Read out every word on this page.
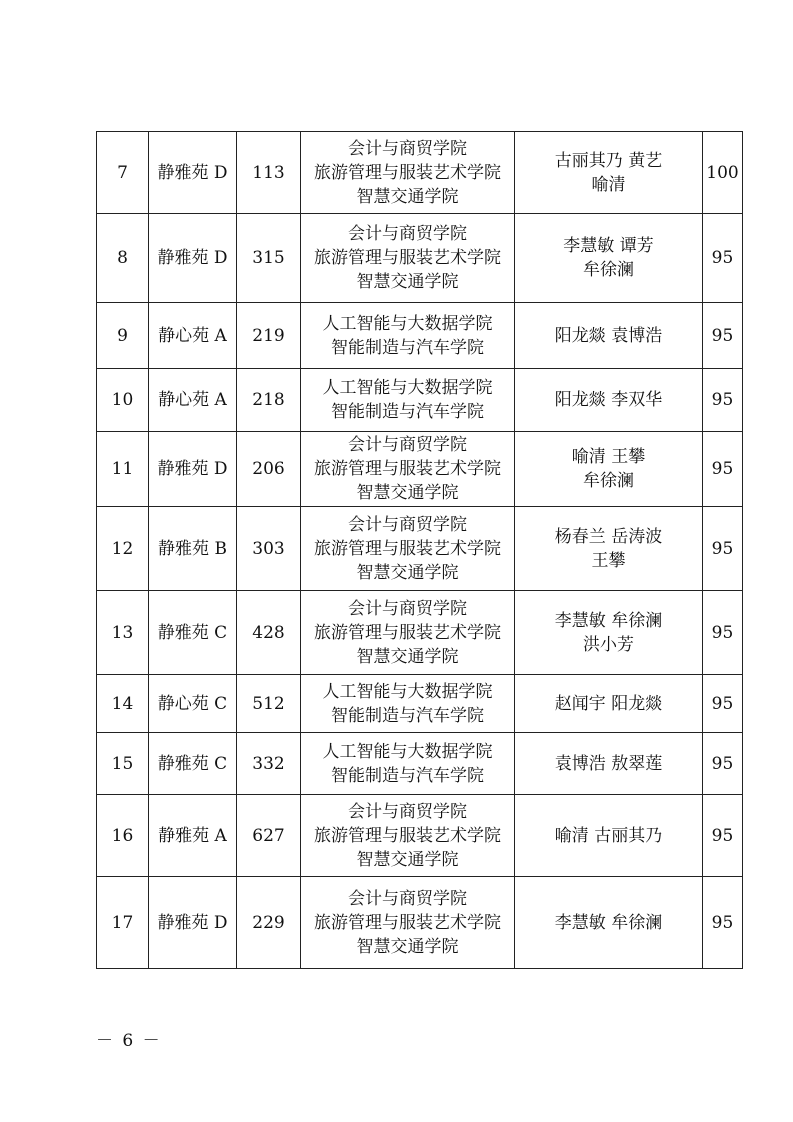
7	静雅苑 D	113	会计与商贸学院
旅游管理与服装艺术学院
智慧交通学院	古丽其乃 黄艺
喻清	100
8	静雅苑 D	315	会计与商贸学院
旅游管理与服装艺术学院
智慧交通学院	李慧敏 谭芳
牟徐澜	95
9	静心苑 A	219	人工智能与大数据学院
智能制造与汽车学院	阳龙燚 袁博浩	95
10	静心苑 A	218	人工智能与大数据学院
智能制造与汽车学院	阳龙燚 李双华	95
11	静雅苑 D	206	会计与商贸学院
旅游管理与服装艺术学院
智慧交通学院	喻清 王攀
牟徐澜	95
12	静雅苑 B	303	会计与商贸学院
旅游管理与服装艺术学院
智慧交通学院	杨春兰 岳涛波
王攀	95
13	静雅苑 C	428	会计与商贸学院
旅游管理与服装艺术学院
智慧交通学院	李慧敏 牟徐澜
洪小芳	95
14	静心苑 C	512	人工智能与大数据学院
智能制造与汽车学院	赵闻宇 阳龙燚	95
15	静雅苑 C	332	人工智能与大数据学院
智能制造与汽车学院	袁博浩 敖翠莲	95
16	静雅苑 A	627	会计与商贸学院
旅游管理与服装艺术学院
智慧交通学院	喻清 古丽其乃	95
17	静雅苑 D	229	会计与商贸学院
旅游管理与服装艺术学院
智慧交通学院	李慧敏 牟徐澜	95
－ 6 －
